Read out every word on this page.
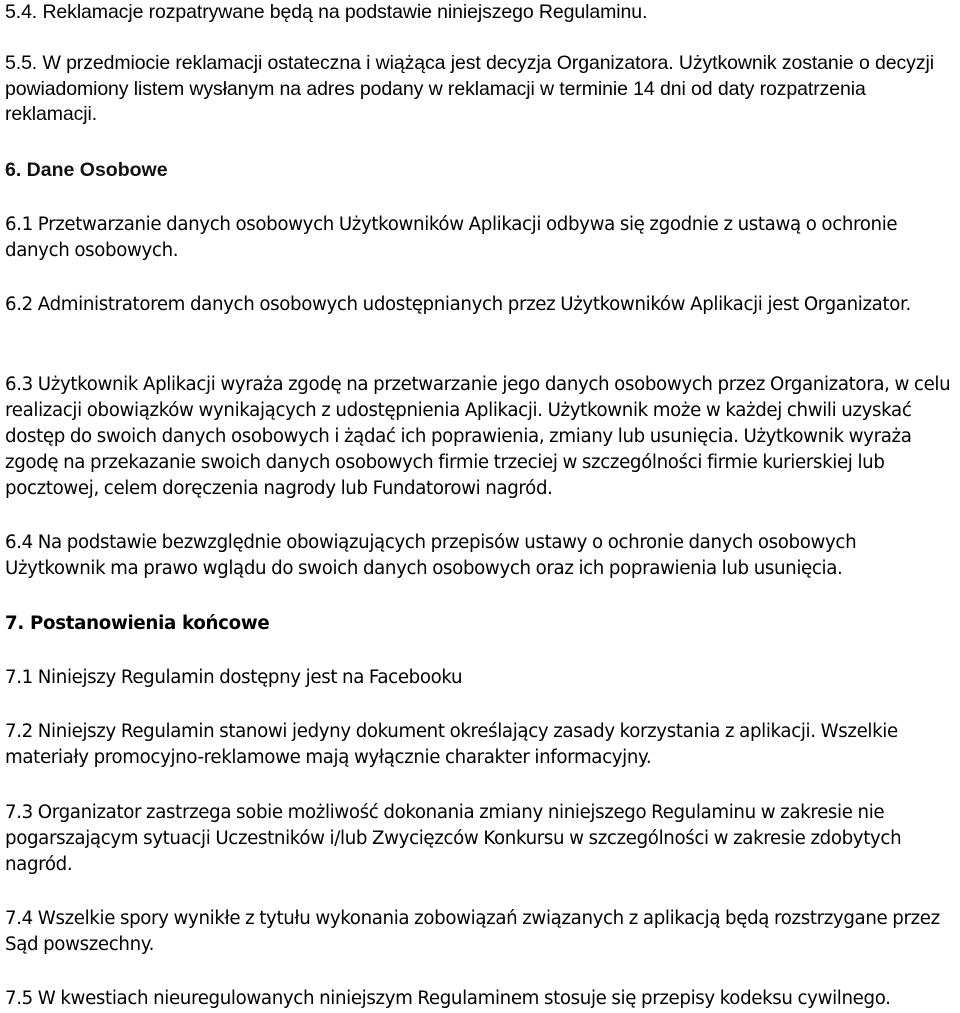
5.4. Reklamacje rozpatrywane będą na podstawie niniejszego Regulaminu.

5.5. W przedmiocie reklamacji ostateczna i wiążąca jest decyzja Organizatora. Użytkownik zostanie o decyzji powiadomiony listem wysłanym na adres podany w reklamacji w terminie 14 dni od daty rozpatrzenia reklamacji.

6. Dane Osobowe

6.1 Przetwarzanie danych osobowych Użytkowników Aplikacji odbywa się zgodnie z ustawą o ochronie danych osobowych.

6.2 Administratorem danych osobowych udostępnianych przez Użytkowników Aplikacji jest Organizator.

6.3 Użytkownik Aplikacji wyraża zgodę na przetwarzanie jego danych osobowych przez Organizatora, w celu realizacji obowiązków wynikających z udostępnienia Aplikacji. Użytkownik może w każdej chwili uzyskać dostęp do swoich danych osobowych i żądać ich poprawienia, zmiany lub usunięcia. Użytkownik wyraża zgodę na przekazanie swoich danych osobowych firmie trzeciej w szczególności firmie kurierskiej lub pocztowej, celem doręczenia nagrody lub Fundatorowi nagród.

6.4 Na podstawie bezwzględnie obowiązujących przepisów ustawy o ochronie danych osobowych Użytkownik ma prawo wglądu do swoich danych osobowych oraz ich poprawienia lub usunięcia.

7. Postanowienia końcowe

7.1 Niniejszy Regulamin dostępny jest na Facebooku

7.2 Niniejszy Regulamin stanowi jedyny dokument określający zasady korzystania z aplikacji. Wszelkie materiały promocyjno-reklamowe mają wyłącznie charakter informacyjny.

7.3 Organizator zastrzega sobie możliwość dokonania zmiany niniejszego Regulaminu w zakresie nie pogarszającym sytuacji Uczestników i/lub Zwycięzców Konkursu w szczególności w zakresie zdobytych nagród.

7.4 Wszelkie spory wynikłe z tytułu wykonania zobowiązań związanych z aplikacją będą rozstrzygane przez Sąd powszechny.

7.5 W kwestiach nieuregulowanych niniejszym Regulaminem stosuje się przepisy kodeksu cywilnego.
